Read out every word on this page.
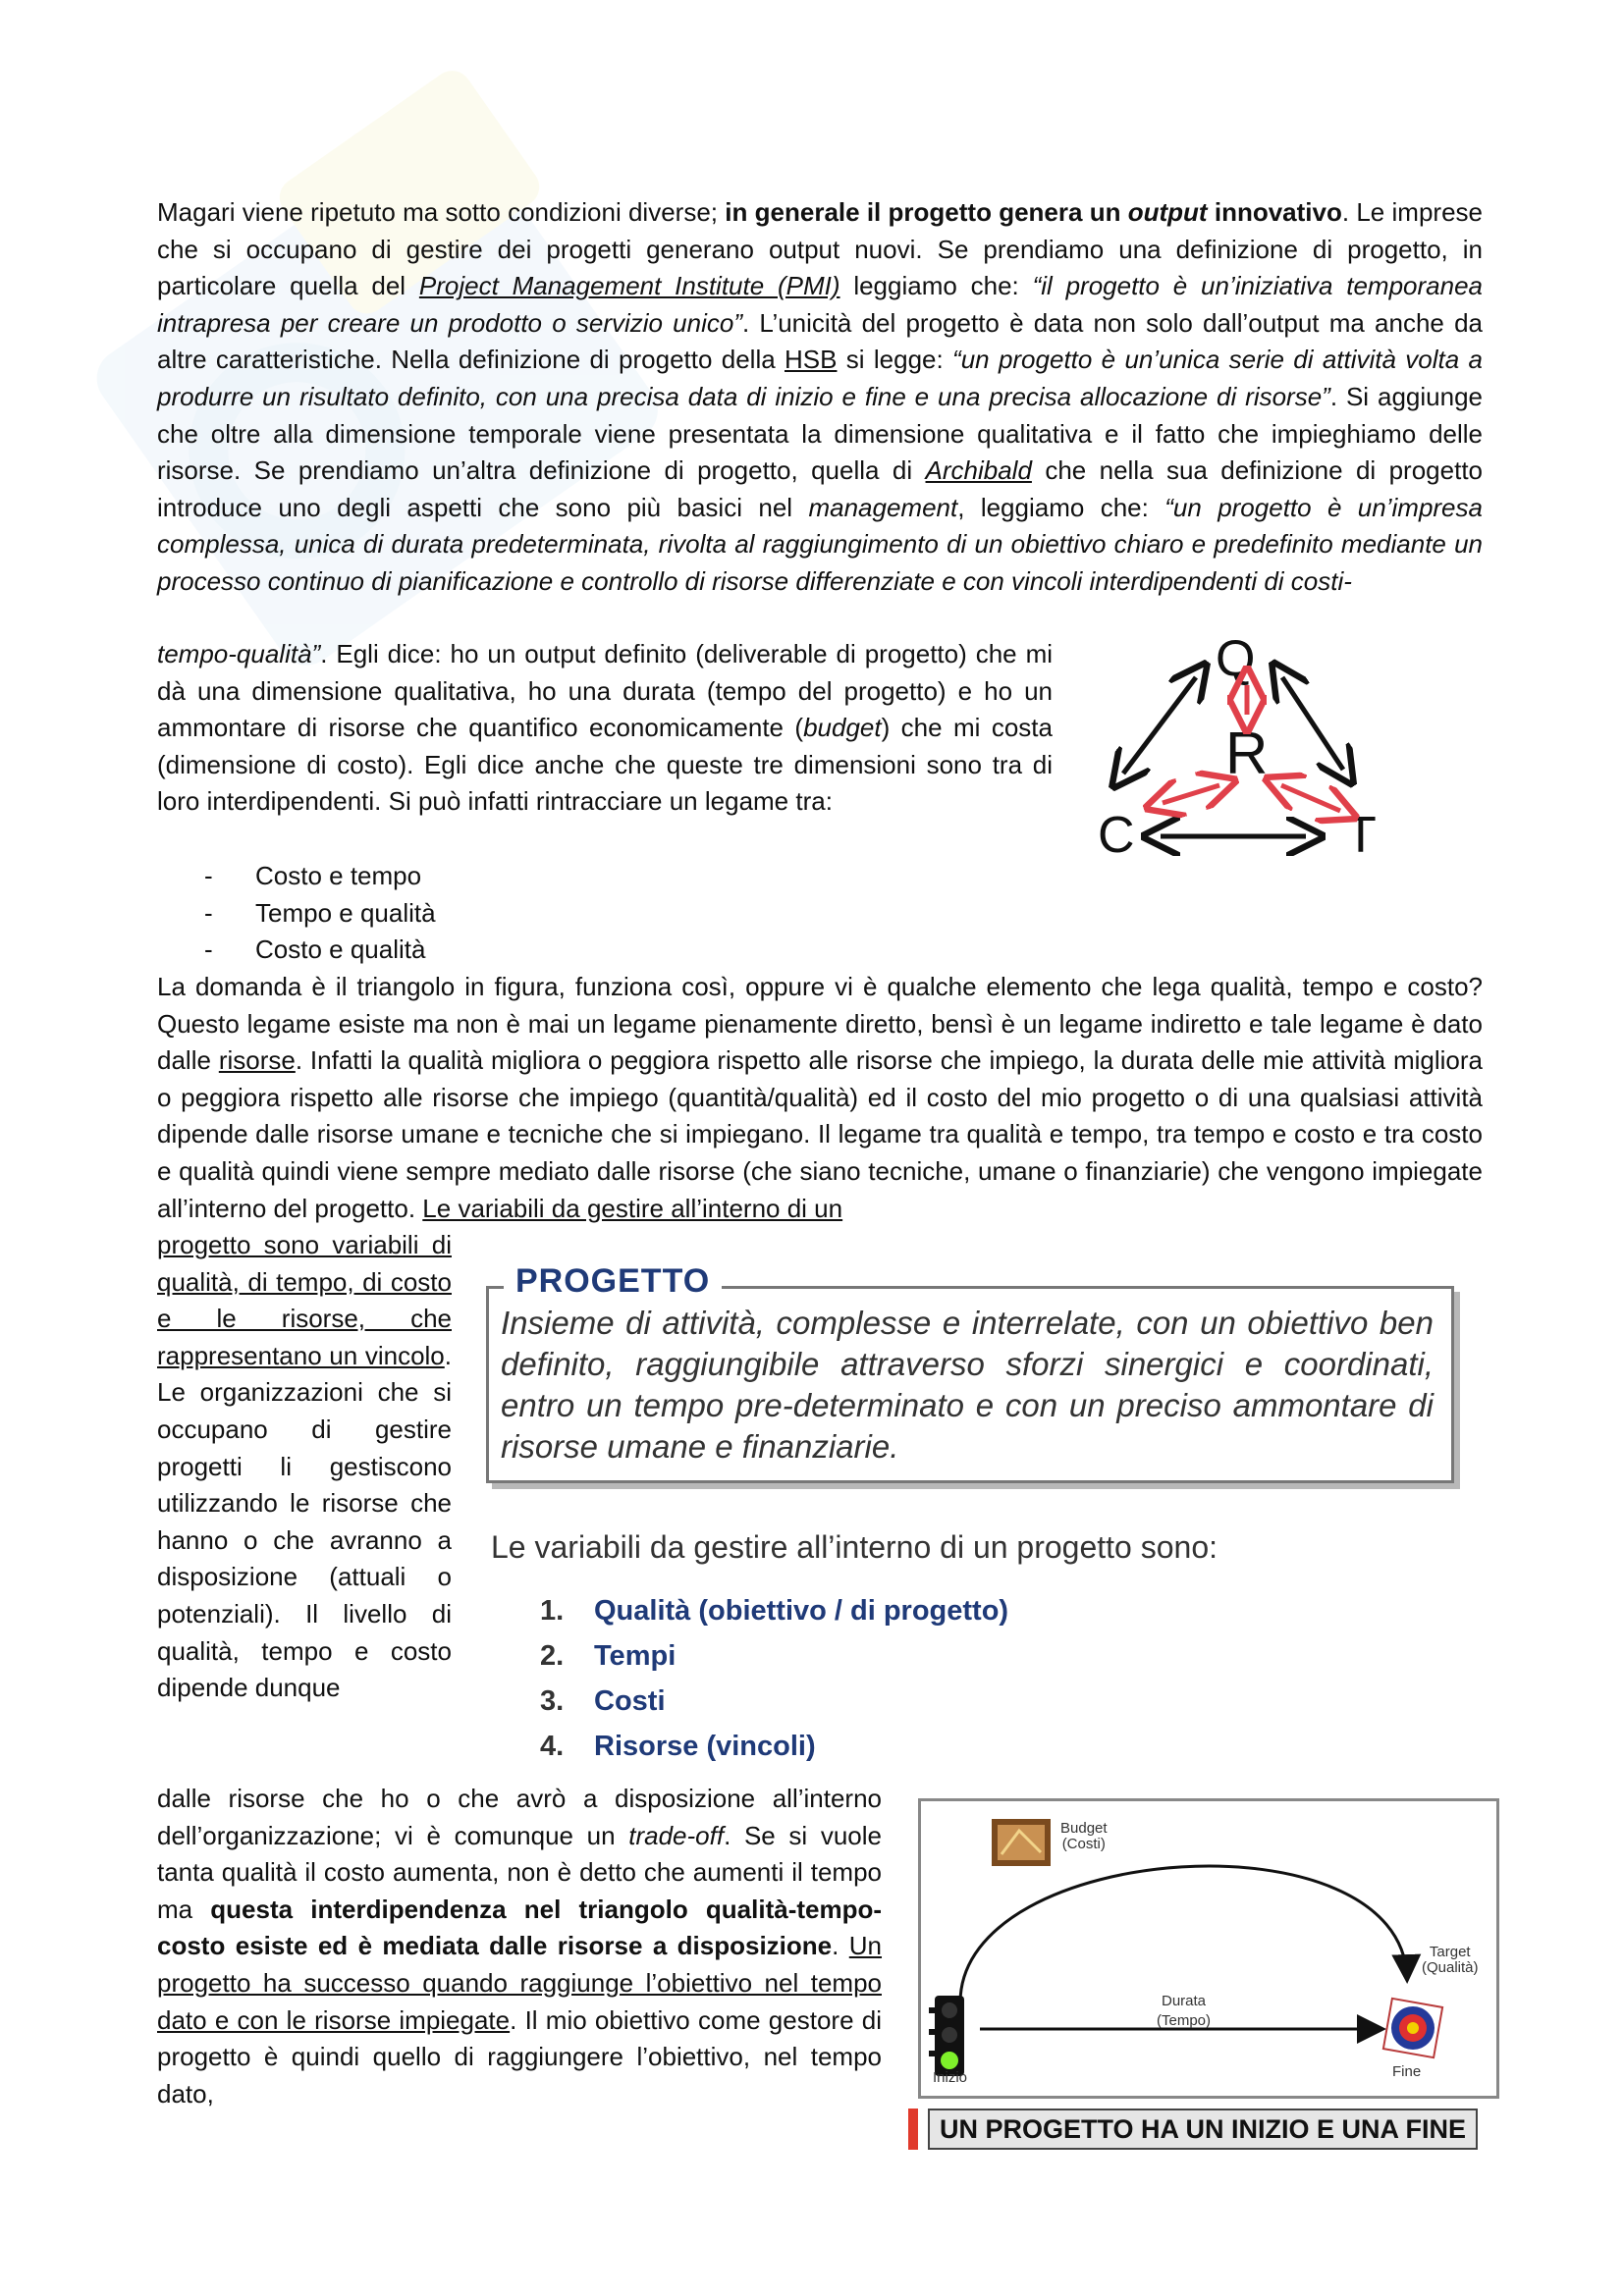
Magari viene ripetuto ma sotto condizioni diverse; in generale il progetto genera un output innovativo. Le imprese che si occupano di gestire dei progetti generano output nuovi. Se prendiamo una definizione di progetto, in particolare quella del Project Management Institute (PMI) leggiamo che: “il progetto è un’iniziativa temporanea intrapresa per creare un prodotto o servizio unico”. L’unicità del progetto è data non solo dall’output ma anche da altre caratteristiche. Nella definizione di progetto della HSB si legge: “un progetto è un’unica serie di attività volta a produrre un risultato definito, con una precisa data di inizio e fine e una precisa allocazione di risorse”. Si aggiunge che oltre alla dimensione temporale viene presentata la dimensione qualitativa e il fatto che impieghiamo delle risorse. Se prendiamo un’altra definizione di progetto, quella di Archibald che nella sua definizione di progetto introduce uno degli aspetti che sono più basici nel management, leggiamo che: “un progetto è un’impresa complessa, unica di durata predeterminata, rivolta al raggiungimento di un obiettivo chiaro e predefinito mediante un processo continuo di pianificazione e controllo di risorse differenziate e con vincoli interdipendenti di costi-

tempo-qualità”. Egli dice: ho un output definito (deliverable di progetto) che mi dà una dimensione qualitativa, ho una durata (tempo del progetto) e ho un ammontare di risorse che quantifico economicamente (budget) che mi costa (dimensione di costo). Egli dice anche che queste tre dimensioni sono tra di loro interdipendenti. Si può infatti rintracciare un legame tra:

Q
R
C	T
-	Costo e tempo
-	Tempo e qualità
-	Costo e qualità

La domanda è il triangolo in figura, funziona così, oppure vi è qualche elemento che lega qualità, tempo e costo? Questo legame esiste ma non è mai un legame pienamente diretto, bensì è un legame indiretto e tale legame è dato dalle risorse. Infatti la qualità migliora o peggiora rispetto alle risorse che impiego, la durata delle mie attività migliora o peggiora rispetto alle risorse che impiego (quantità/qualità) ed il costo del mio progetto o di una qualsiasi attività dipende dalle risorse umane e tecniche che si impiegano. Il legame tra qualità e tempo, tra tempo e costo e tra costo e qualità quindi viene sempre mediato dalle risorse (che siano tecniche, umane o finanziarie) che vengono impiegate all’interno del progetto. Le variabili da gestire all’interno di un

progetto sono variabili di qualità, di tempo, di costo e le risorse, che rappresentano un vincolo. Le organizzazioni che si occupano di gestire progetti li gestiscono utilizzando le risorse che hanno o che avranno a disposizione (attuali o potenziali). Il livello di qualità, tempo e costo dipende dunque

Insieme di attività, complesse e interrelate, con un obiettivo ben definito, raggiungibile attraverso sforzi sinergici e coordinati, entro un tempo pre-determinato e con un preciso ammontare di risorse umane e finanziarie.
PROGETTO
Le variabili da gestire all’interno di un progetto sono:
1.	Qualità (obiettivo / di progetto)
2.	Tempi
3.	Costi
4.	Risorse (vincoli)

dalle risorse che ho o che avrò a disposizione all’interno dell’organizzazione; vi è comunque un trade-off. Se si vuole tanta qualità il costo aumenta, non è detto che aumenti il tempo ma questa interdipendenza nel triangolo qualità-tempo-costo esiste ed è mediata dalle risorse a disposizione. Un progetto ha successo quando raggiunge l’obiettivo nel tempo dato e con le risorse impiegate. Il mio obiettivo come gestore di progetto è quindi quello di raggiungere l’obiettivo, nel tempo dato,

Budget
(Costi)
Target
(Qualità)
Durata
(Tempo)
Inizio	Fine
UN PROGETTO HA UN INIZIO E UNA FINE
